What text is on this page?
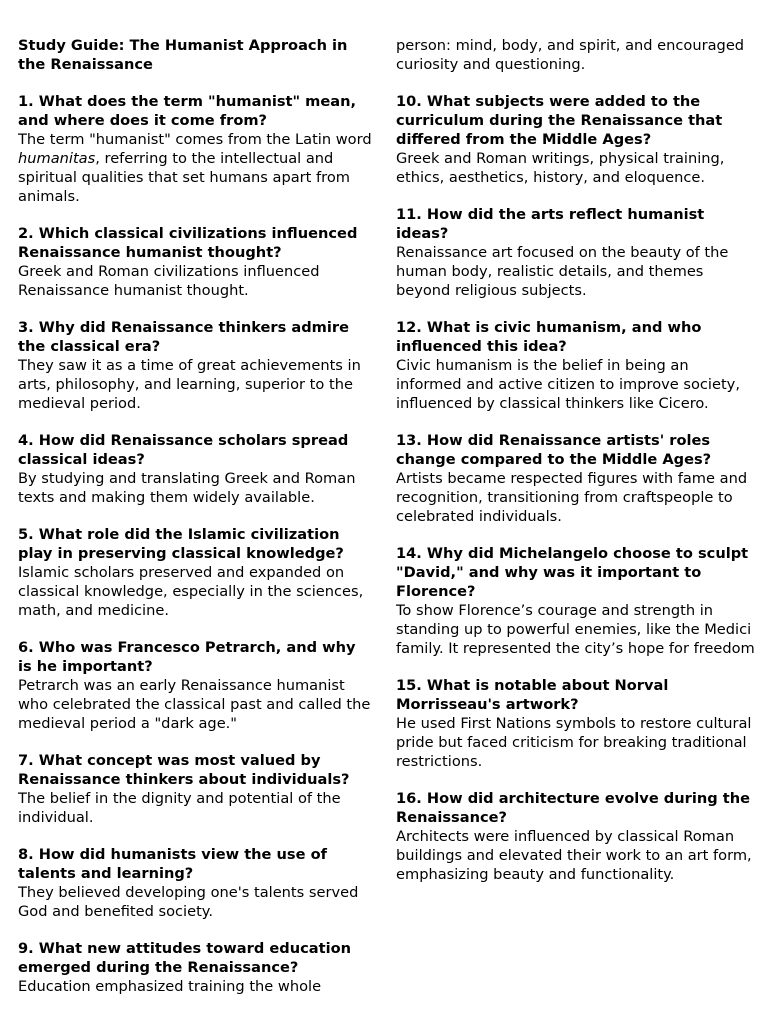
Study Guide: The Humanist Approach in the Renaissance

1. What does the term "humanist" mean, and where does it come from?

The term "humanist" comes from the Latin word humanitas, referring to the intellectual and spiritual qualities that set humans apart from animals.

2. Which classical civilizations influenced Renaissance humanist thought?

Greek and Roman civilizations influenced Renaissance humanist thought.

3. Why did Renaissance thinkers admire the classical era?

They saw it as a time of great achievements in arts, philosophy, and learning, superior to the medieval period.

4. How did Renaissance scholars spread classical ideas?

By studying and translating Greek and Roman texts and making them widely available.

5. What role did the Islamic civilization play in preserving classical knowledge?

Islamic scholars preserved and expanded on classical knowledge, especially in the sciences, math, and medicine.

6. Who was Francesco Petrarch, and why is he important?

Petrarch was an early Renaissance humanist who celebrated the classical past and called the medieval period a "dark age."

7. What concept was most valued by Renaissance thinkers about individuals?

The belief in the dignity and potential of the individual.

8. How did humanists view the use of talents and learning?

They believed developing one's talents served God and benefited society.

9. What new attitudes toward education emerged during the Renaissance?

Education emphasized training the whole

person: mind, body, and spirit, and encouraged curiosity and questioning.

10. What subjects were added to the curriculum during the Renaissance that differed from the Middle Ages?

Greek and Roman writings, physical training, ethics, aesthetics, history, and eloquence.

11. How did the arts reflect humanist ideas?

Renaissance art focused on the beauty of the human body, realistic details, and themes beyond religious subjects.

12. What is civic humanism, and who influenced this idea?

Civic humanism is the belief in being an informed and active citizen to improve society, influenced by classical thinkers like Cicero.

13. How did Renaissance artists' roles change compared to the Middle Ages?

Artists became respected figures with fame and recognition, transitioning from craftspeople to celebrated individuals.

14. Why did Michelangelo choose to sculpt "David," and why was it important to Florence?

To show Florence’s courage and strength in standing up to powerful enemies, like the Medici family. It represented the city’s hope for freedom

15. What is notable about Norval Morrisseau's artwork?

He used First Nations symbols to restore cultural pride but faced criticism for breaking traditional restrictions.

16. How did architecture evolve during the Renaissance?

Architects were influenced by classical Roman buildings and elevated their work to an art form, emphasizing beauty and functionality.
